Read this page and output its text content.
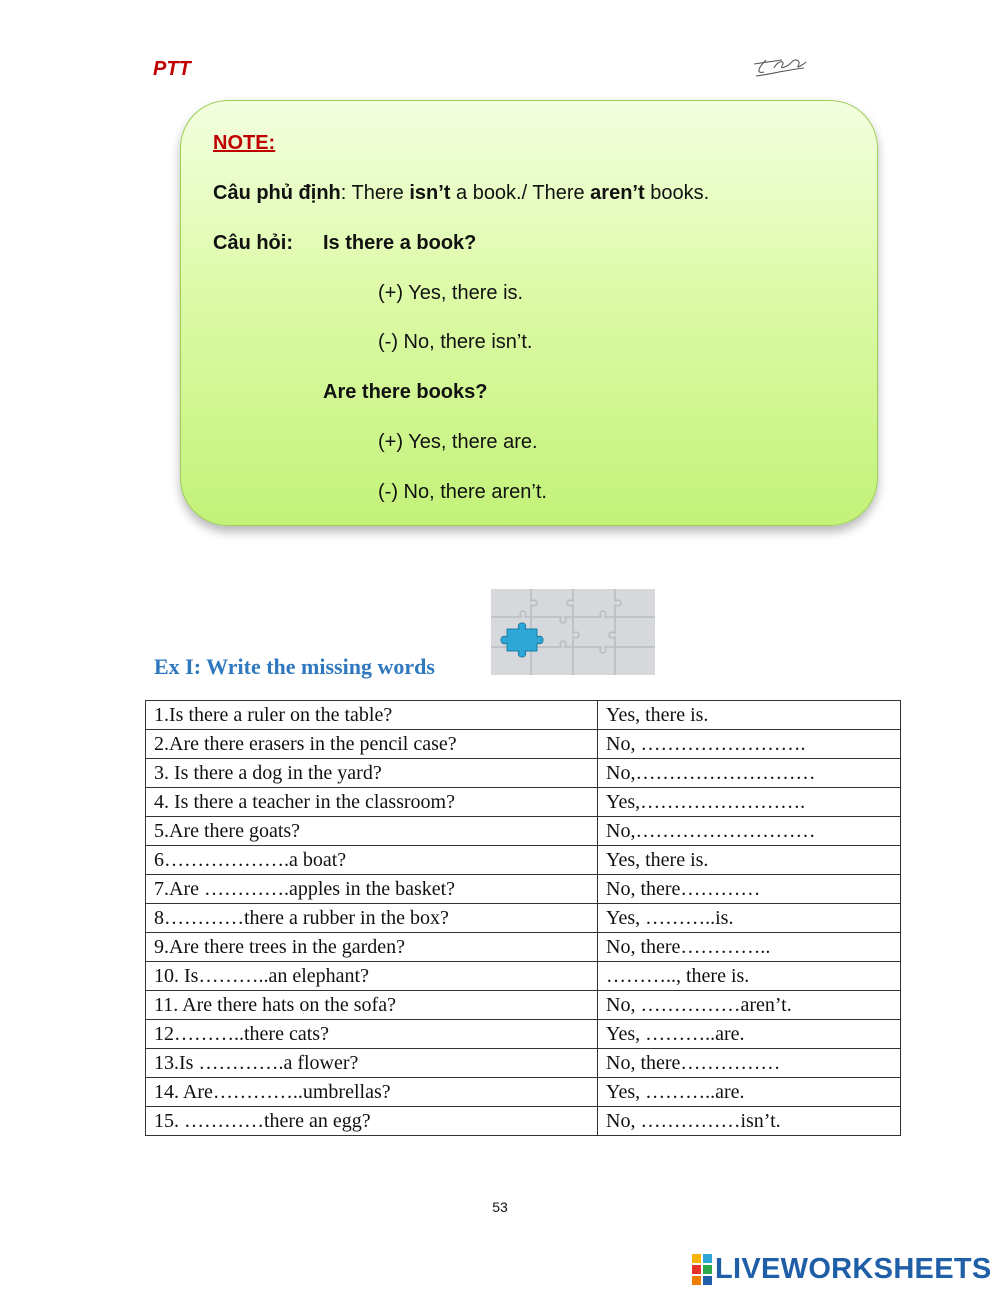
PTT
NOTE:
Câu phủ định: There isn’t a book./ There aren’t books.
Câu hỏi: Is there a book?
(+) Yes, there is.
(-) No, there isn’t.
Are there books?
(+) Yes, there are.
(-) No, there aren’t.
Ex I: Write the missing words
1.Is there a ruler on the table?	Yes, there is.
2.Are there erasers in the pencil case?	No, …………………….
3. Is there a dog in the yard?	No,………………………
4. Is there a teacher in the classroom?	Yes,…………………….
5.Are there goats?	No,………………………
6……………….a boat?	Yes, there is.
7.Are ………….apples in the basket?	No, there…………
8…………there a rubber in the box?	Yes, ………..is.
9.Are there trees in the garden?	No, there…………..
10. Is………..an elephant?	……….., there is.
11. Are there hats on the sofa?	No, ……………aren’t.
12………..there cats?	Yes, ………..are.
13.Is ………….a flower?	No, there……………
14. Are…………..umbrellas?	Yes, ………..are.
15. …………there an egg?	No, ……………isn’t.
53
LIVEWORKSHEETS
